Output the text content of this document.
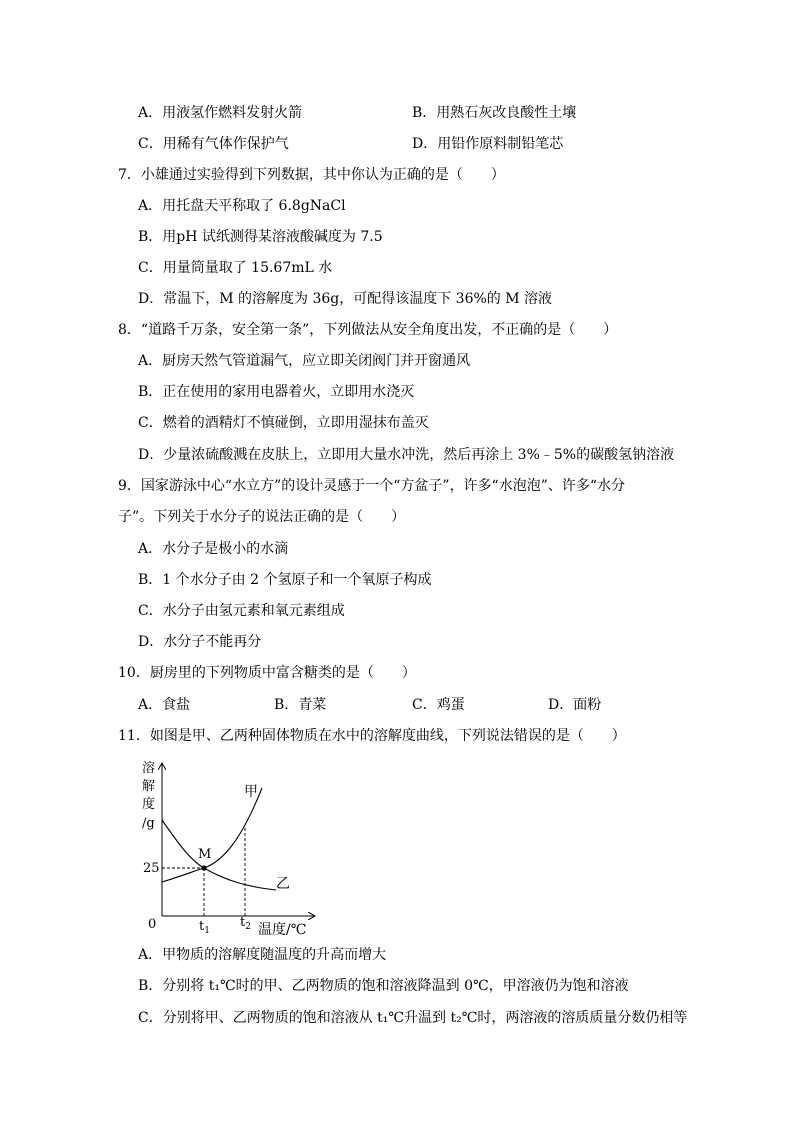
A．用液氢作燃料发射火箭	B．用熟石灰改良酸性土壤
C．用稀有气体作保护气	D．用铅作原料制铅笔芯
7．小雄通过实验得到下列数据，其中你认为正确的是（　　）
A．用托盘天平称取了 6.8gNaCl
B．用pH 试纸测得某溶液酸碱度为 7.5
C．用量筒量取了 15.67mL 水
D．常温下，M 的溶解度为 36g，可配得该温度下 36%的 M 溶液
8．“道路千万条，安全第一条”，下列做法从安全角度出发，不正确的是（　　）
A．厨房天然气管道漏气，应立即关闭阀门并开窗通风
B．正在使用的家用电器着火，立即用水浇灭
C．燃着的酒精灯不慎碰倒，立即用湿抹布盖灭
D．少量浓硫酸溅在皮肤上，立即用大量水冲洗，然后再涂上 3%﹣5%的碳酸氢钠溶液
9．国家游泳中心“水立方”的设计灵感于一个“方盆子”，许多“水泡泡”、许多“水分
子”。下列关于水分子的说法正确的是（　　）
A．水分子是极小的水滴
B．1 个水分子由 2 个氢原子和一个氧原子构成
C．水分子由氢元素和氧元素组成
D．水分子不能再分
10．厨房里的下列物质中富含糖类的是（　　）
A．食盐	B．青菜	C．鸡蛋	D．面粉
11．如图是甲、乙两种固体物质在水中的溶解度曲线，下列说法错误的是（　　）
溶
解
度
/g
M
甲
乙
25
0	$t_1$
$t_2$ 温度/℃
A．甲物质的溶解度随温度的升高而增大
B．分别将 t₁℃时的甲、乙两物质的饱和溶液降温到 0℃，甲溶液仍为饱和溶液
C．分别将甲、乙两物质的饱和溶液从 t₁℃升温到 t₂℃时，两溶液的溶质质量分数仍相等
